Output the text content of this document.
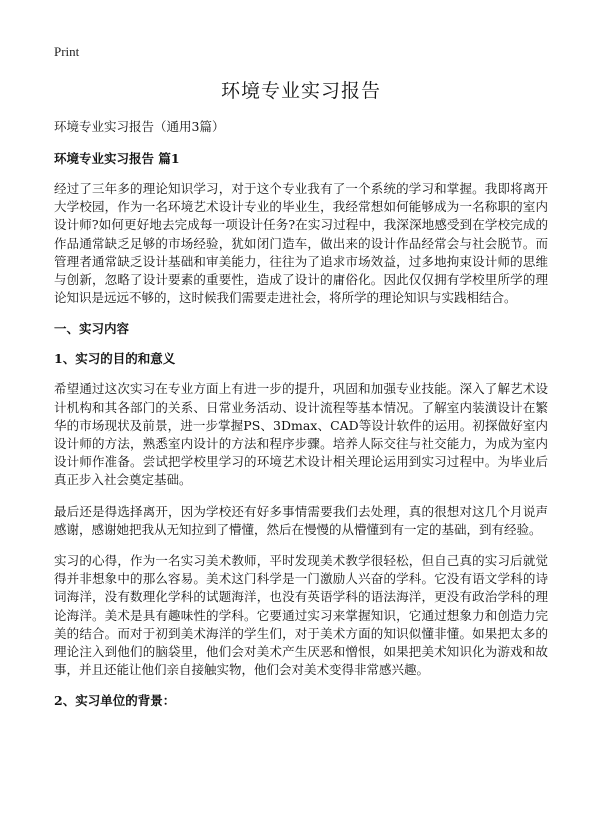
Print
环境专业实习报告
环境专业实习报告（通用3篇）
环境专业实习报告 篇1

经过了三年多的理论知识学习，对于这个专业我有了一个系统的学习和掌握。我即将离开大学校园，作为一名环境艺术设计专业的毕业生，我经常想如何能够成为一名称职的室内设计师?如何更好地去完成每一项设计任务?在实习过程中，我深深地感受到在学校完成的作品通常缺乏足够的市场经验，犹如闭门造车，做出来的设计作品经常会与社会脱节。而管理者通常缺乏设计基础和审美能力，往往为了追求市场效益，过多地拘束设计师的思维与创新，忽略了设计要素的重要性，造成了设计的庸俗化。因此仅仅拥有学校里所学的理论知识是远远不够的，这时候我们需要走进社会，将所学的理论知识与实践相结合。

一、实习内容
1、实习的目的和意义

希望通过这次实习在专业方面上有进一步的提升，巩固和加强专业技能。深入了解艺术设计机构和其各部门的关系、日常业务活动、设计流程等基本情况。了解室内装潢设计在繁华的市场现状及前景，进一步掌握PS、3Dmax、CAD等设计软件的运用。初探做好室内设计师的方法，熟悉室内设计的方法和程序步骤。培养人际交往与社交能力，为成为室内设计师作准备。尝试把学校里学习的环境艺术设计相关理论运用到实习过程中。为毕业后真正步入社会奠定基础。

最后还是得选择离开，因为学校还有好多事情需要我们去处理，真的很想对这几个月说声感谢，感谢她把我从无知拉到了懵懂，然后在慢慢的从懵懂到有一定的基础，到有经验。

实习的心得，作为一名实习美术教师，平时发现美术教学很轻松，但自己真的实习后就觉得并非想象中的那么容易。美术这门科学是一门激励人兴奋的学科。它没有语文学科的诗词海洋，没有数理化学科的试题海洋，也没有英语学科的语法海洋，更没有政治学科的理论海洋。美术是具有趣味性的学科。它要通过实习来掌握知识，它通过想象力和创造力完美的结合。而对于初到美术海洋的学生们，对于美术方面的知识似懂非懂。如果把太多的理论注入到他们的脑袋里，他们会对美术产生厌恶和憎恨，如果把美术知识化为游戏和故事，并且还能让他们亲自接触实物，他们会对美术变得非常感兴趣。

2、实习单位的背景：
